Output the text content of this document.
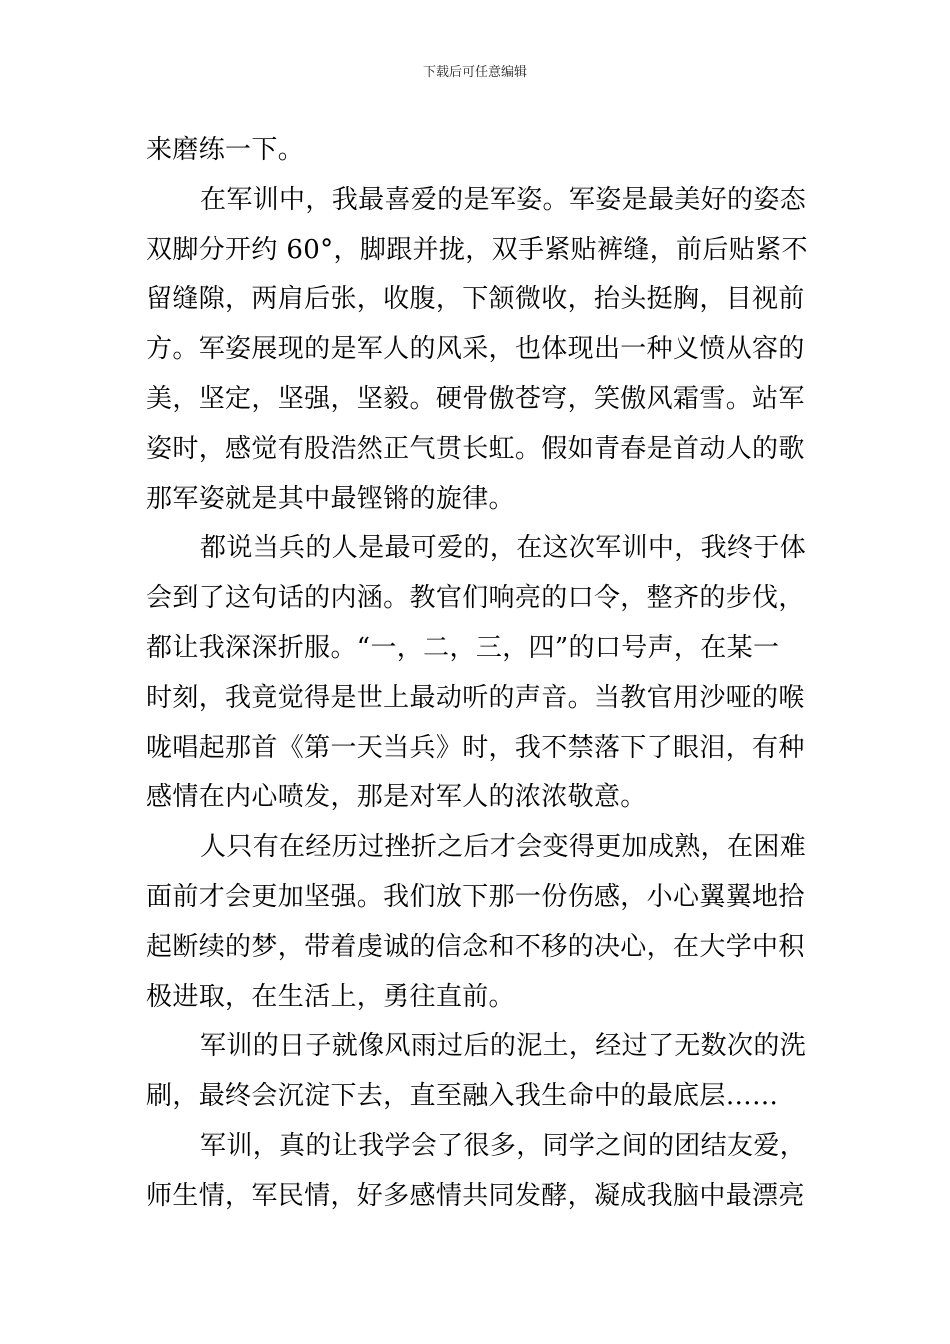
下载后可任意编辑
来磨练一下。
在军训中，我最喜爱的是军姿。军姿是最美好的姿态
双脚分开约 60°，脚跟并拢，双手紧贴裤缝，前后贴紧不
留缝隙，两肩后张，收腹，下颔微收，抬头挺胸，目视前
方。军姿展现的是军人的风采，也体现出一种义愤从容的
美，坚定，坚强，坚毅。硬骨傲苍穹，笑傲风霜雪。站军
姿时，感觉有股浩然正气贯长虹。假如青春是首动人的歌
那军姿就是其中最铿锵的旋律。
都说当兵的人是最可爱的，在这次军训中，我终于体
会到了这句话的内涵。教官们响亮的口令，整齐的步伐，
都让我深深折服。“一，二，三，四”的口号声，在某一
时刻，我竟觉得是世上最动听的声音。当教官用沙哑的喉
咙唱起那首《第一天当兵》时，我不禁落下了眼泪，有种
感情在内心喷发，那是对军人的浓浓敬意。
人只有在经历过挫折之后才会变得更加成熟，在困难
面前才会更加坚强。我们放下那一份伤感，小心翼翼地拾
起断续的梦，带着虔诚的信念和不移的决心，在大学中积
极进取，在生活上，勇往直前。
军训的日子就像风雨过后的泥土，经过了无数次的洗
刷，最终会沉淀下去，直至融入我生命中的最底层……
军训，真的让我学会了很多，同学之间的团结友爱，
师生情，军民情，好多感情共同发酵，凝成我脑中最漂亮
